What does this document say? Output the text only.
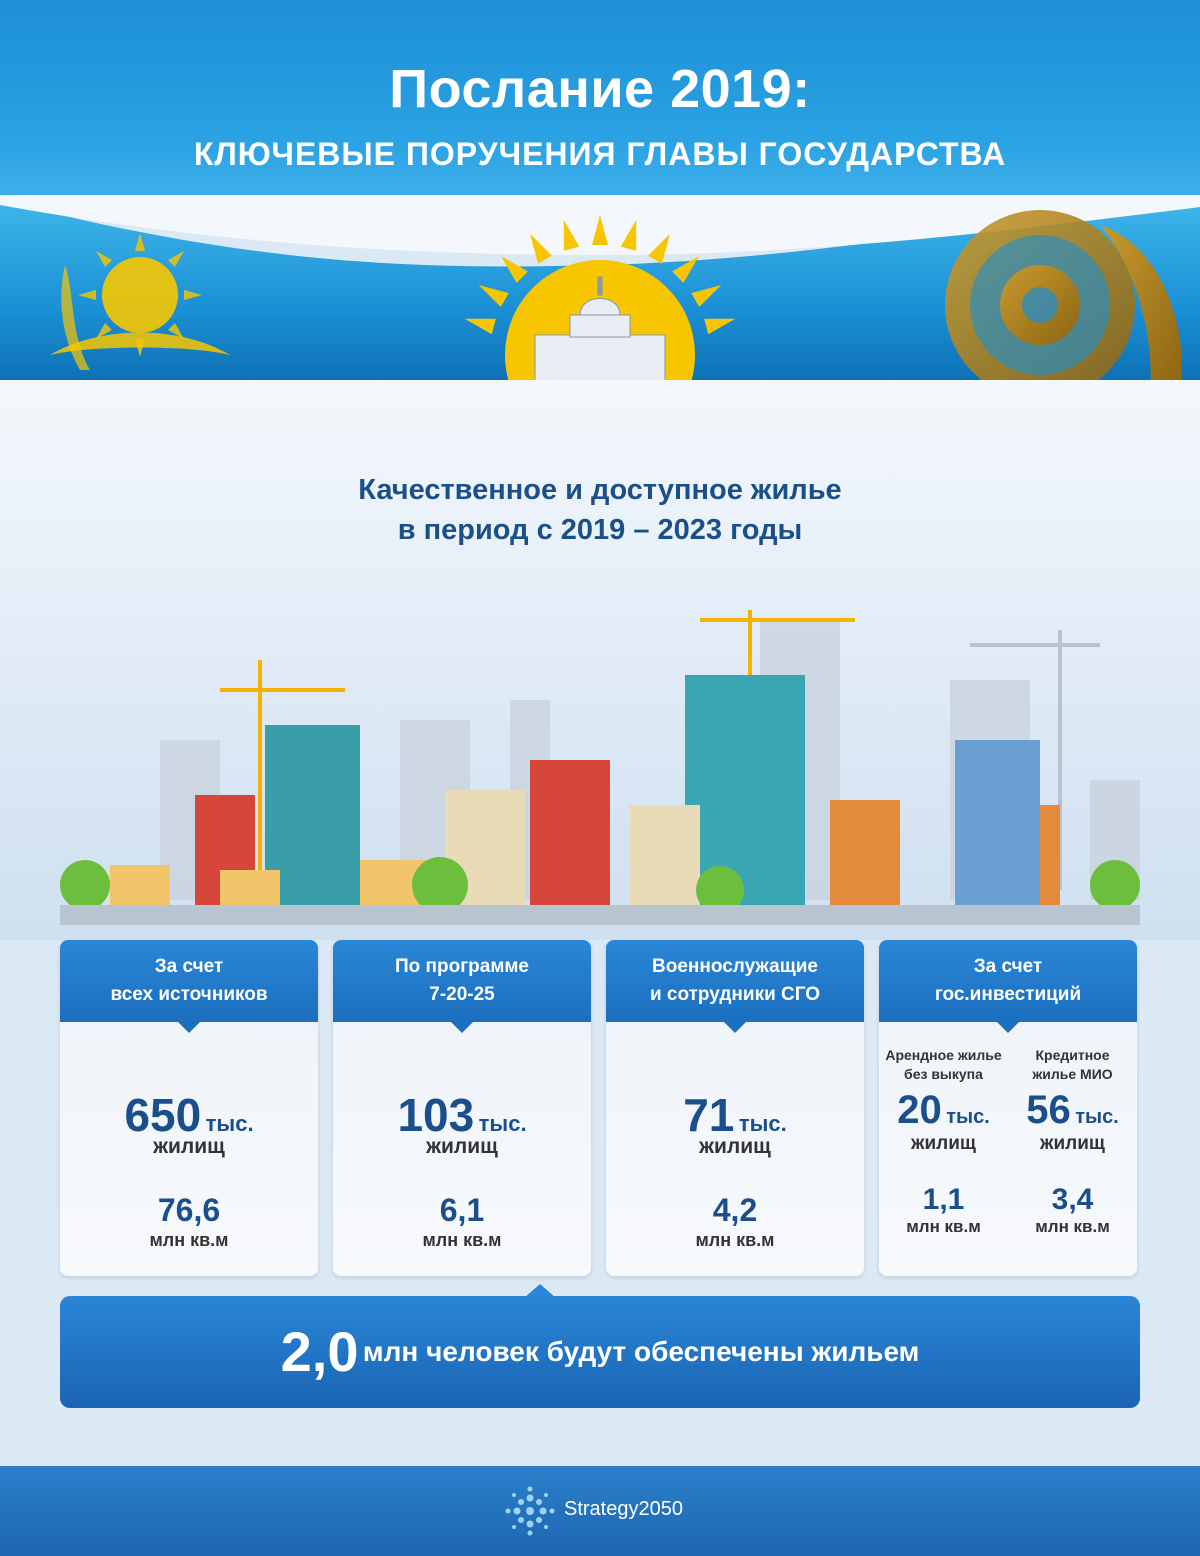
Послание 2019:
КЛЮЧЕВЫЕ ПОРУЧЕНИЯ ГЛАВЫ ГОСУДАРСТВА
Качественное и доступное жилье
в период с 2019 – 2023 годы
За счет
всех источников
650 тыс.
жилищ
76,6
млн кв.м
По программе
7-20-25
103 тыс.
жилищ
6,1
млн кв.м
Военнослужащие
и сотрудники СГО
71 тыс.
жилищ
4,2
млн кв.м
За счет
гос.инвестиций
Арендное жилье
без выкупа
20 тыс.
жилищ
1,1
млн кв.м
Кредитное
жилье МИО
56 тыс.
жилищ
3,4
млн кв.м
2,0 млн человек будут обеспечены жильем
Strategy2050
